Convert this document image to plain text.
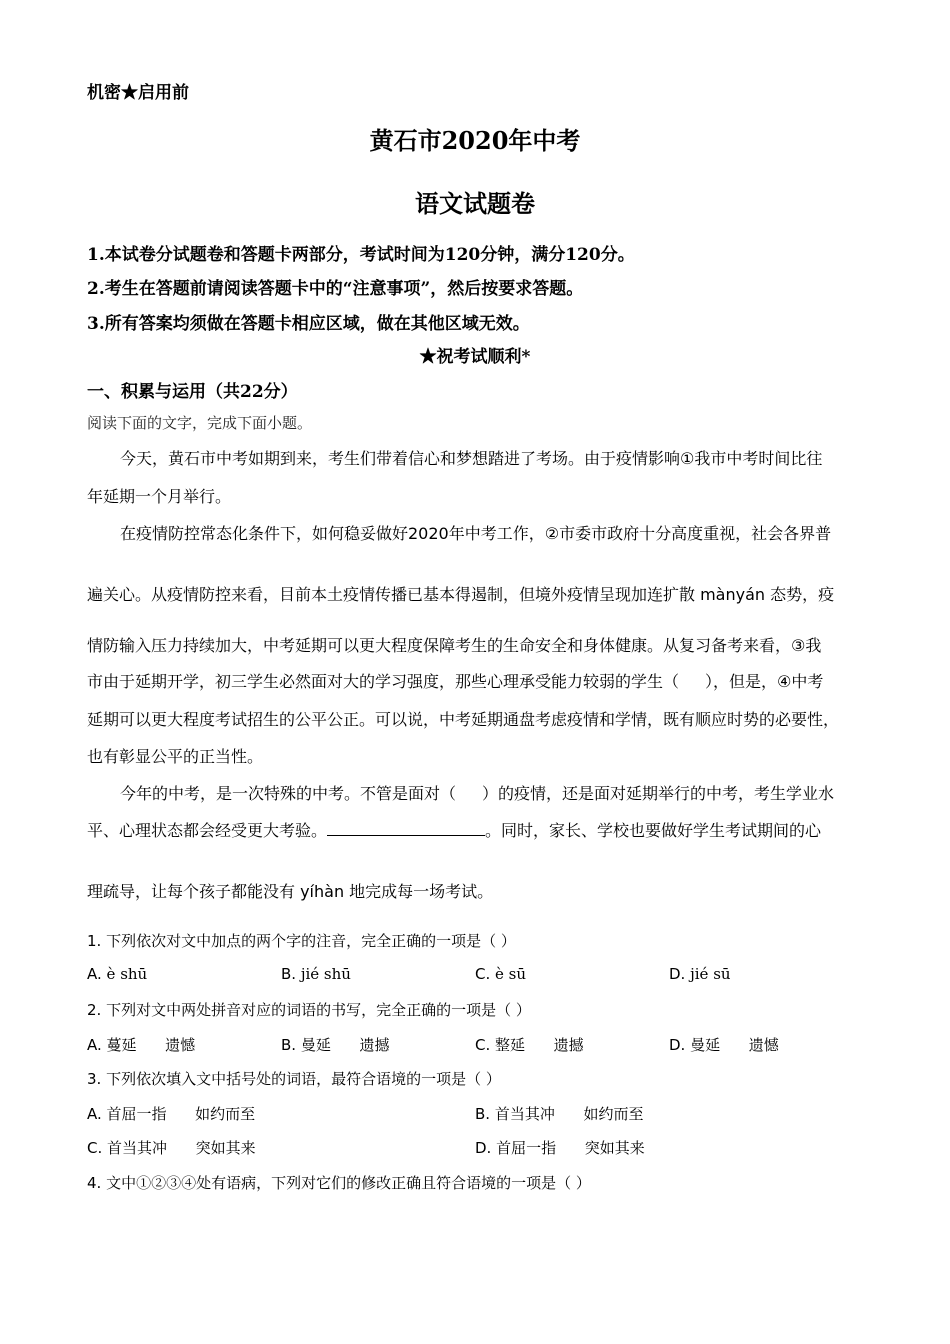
机密★启用前
黄石市2020年中考
语文试题卷
1.本试卷分试题卷和答题卡两部分，考试时间为120分钟，满分120分。
2.考生在答题前请阅读答题卡中的“注意事项”，然后按要求答题。
3.所有答案均须做在答题卡相应区域，做在其他区域无效。
★祝考试顺利*
一、积累与运用（共22分）
阅读下面的文字，完成下面小题。
今天，黄石市中考如期到来，考生们带着信心和梦想踏进了考场。由于疫情影响①我市中考时间比往
年延期一个月举行。
在疫情防控常态化条件下，如何稳妥做好2020年中考工作，②市委市政府十分高度重视，社会各界普
遍关心。从疫情防控来看，目前本土疫情传播已基本得遏制，但境外疫情呈现加连扩散 mànyán 态势，疫
情防输入压力持续加大，中考延期可以更大程度保障考生的生命安全和身体健康。从复习备考来看，③我
市由于延期开学，初三学生必然面对大的学习强度，那些心理承受能力较弱的学生（ ），但是，④中考
延期可以更大程度考试招生的公平公正。可以说，中考延期通盘考虑疫情和学情，既有顺应时势的必要性，
也有彰显公平的正当性。
今年的中考，是一次特殊的中考。不管是面对（ ）的疫情，还是面对延期举行的中考，考生学业水
平、心理状态都会经受更大考验。	。同时，家长、学校也要做好学生考试期间的心
理疏导，让每个孩子都能没有 yíhàn 地完成每一场考试。
1. 下列依次对文中加点的两个字的注音，完全正确的一项是（ ）
A. è shū	B. jié shū	C. è sū	D. jié sū
2. 下列对文中两处拼音对应的词语的书写，完全正确的一项是（ ）
A. 蔓延      遗憾	B. 曼延      遗撼	C. 整延      遗撼	D. 曼延      遗憾
3. 下列依次填入文中括号处的词语，最符合语境的一项是（ ）
A. 首屈一指      如约而至	B. 首当其冲      如约而至
C. 首当其冲      突如其来	D. 首屈一指      突如其来
4. 文中①②③④处有语病，下列对它们的修改正确且符合语境的一项是（ ）
